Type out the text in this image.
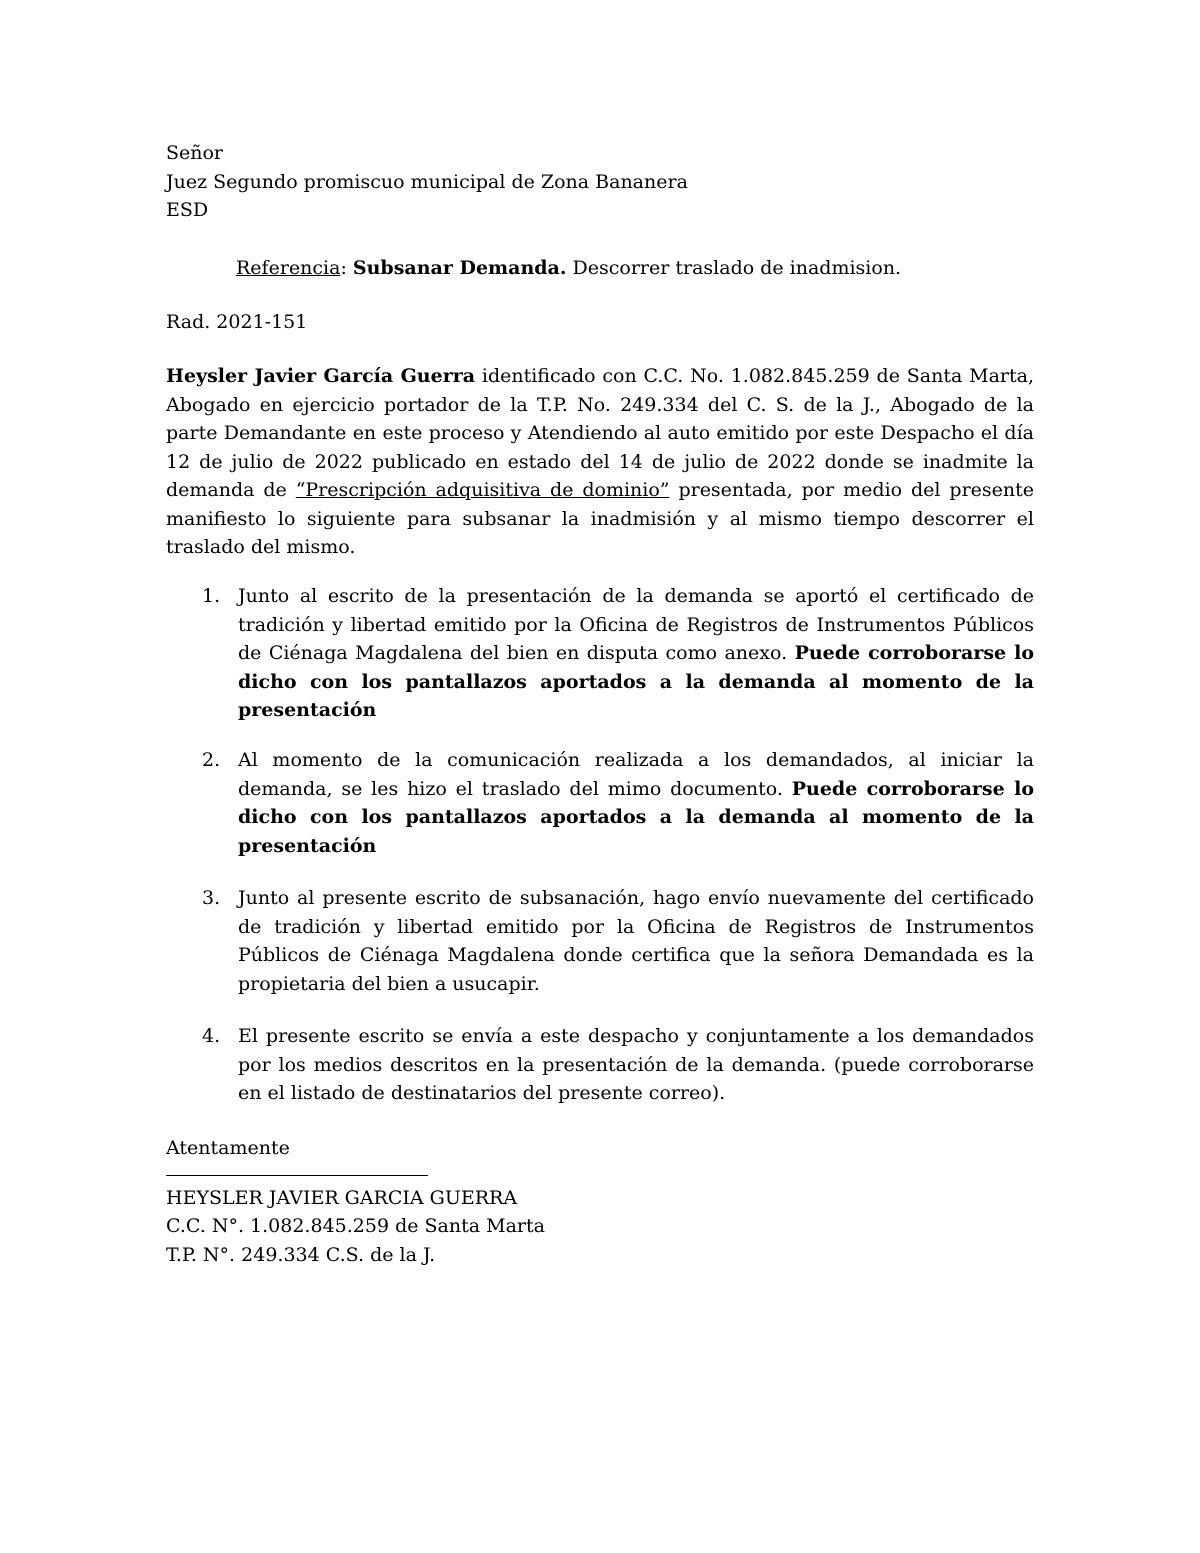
Señor
Juez Segundo promiscuo municipal de Zona Bananera
ESD
Referencia: Subsanar Demanda. Descorrer traslado de inadmision.
Rad. 2021-151
Heysler Javier García Guerra identificado con C.C. No. 1.082.845.259 de Santa Marta, Abogado en ejercicio portador de la T.P. No. 249.334 del C. S. de la J., Abogado de la parte Demandante en este proceso y Atendiendo al auto emitido por este Despacho el día 12 de julio de 2022 publicado en estado del 14 de julio de 2022 donde se inadmite la demanda de “Prescripción adquisitiva de dominio” presentada, por medio del presente manifiesto lo siguiente para subsanar la inadmisión y al mismo tiempo descorrer el traslado del mismo.
1. Junto al escrito de la presentación de la demanda se aportó el certificado de tradición y libertad emitido por la Oficina de Registros de Instrumentos Públicos de Ciénaga Magdalena del bien en disputa como anexo. Puede corroborarse lo dicho con los pantallazos aportados a la demanda al momento de la presentación
2. Al momento de la comunicación realizada a los demandados, al iniciar la demanda, se les hizo el traslado del mimo documento. Puede corroborarse lo dicho con los pantallazos aportados a la demanda al momento de la presentación
3. Junto al presente escrito de subsanación, hago envío nuevamente del certificado de tradición y libertad emitido por la Oficina de Registros de Instrumentos Públicos de Ciénaga Magdalena donde certifica que la señora Demandada es la propietaria del bien a usucapir.
4. El presente escrito se envía a este despacho y conjuntamente a los demandados por los medios descritos en la presentación de la demanda. (puede corroborarse en el listado de destinatarios del presente correo).
Atentamente
HEYSLER JAVIER GARCIA GUERRA
C.C. N°. 1.082.845.259 de Santa Marta
T.P. N°. 249.334 C.S. de la J.
